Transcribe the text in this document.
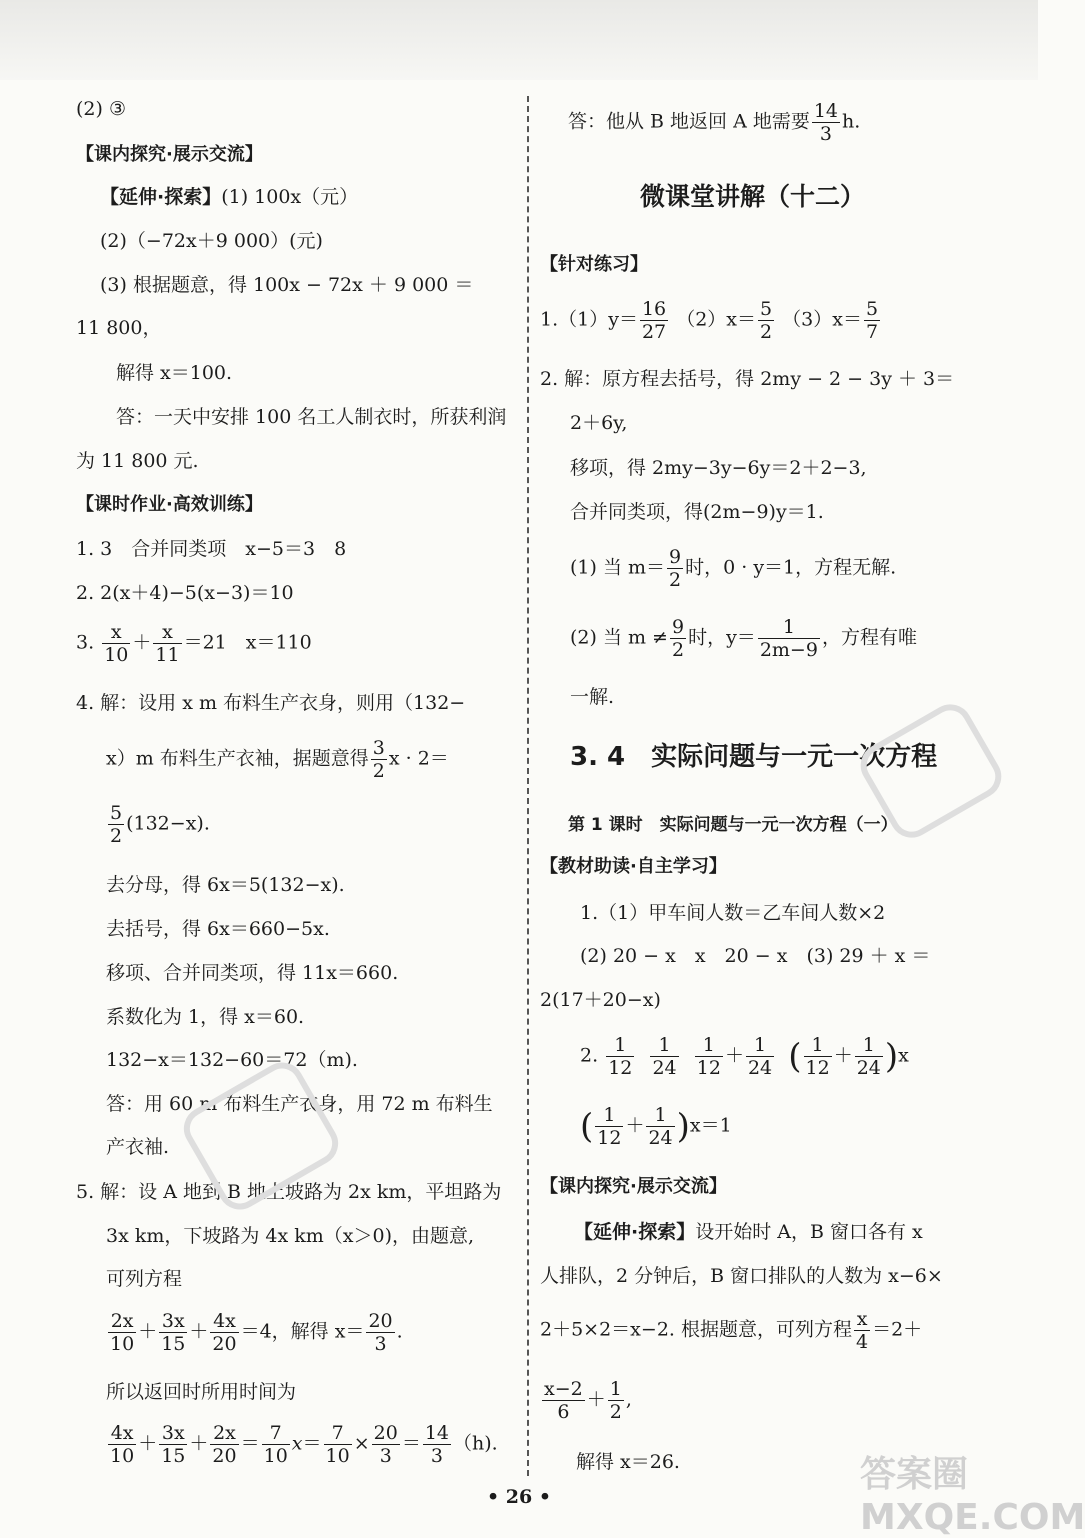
(2) ③
【课内探究·展示交流】
【延伸·探索】(1) 100x（元）
(2)（−72x＋9 000）(元)
(3) 根据题意，得 100x − 72x ＋ 9 000 ＝
11 800，
解得 x＝100.
答：一天中安排 100 名工人制衣时，所获利润
为 11 800 元.
【课时作业·高效训练】
1. 3　合并同类项　x−5＝3　8
2. 2(x＋4)−5(x−3)＝10
3. $\frac{x}{10} + \frac{x}{11} =21$　x＝110
4. 解：设用 x m 布料生产衣身，则用（132−
x）m 布料生产衣袖，据题意得 $\frac{3}{2}$ x · 2＝
$\frac{5}{2} (132-x)$.
去分母，得 6x＝5(132−x).
去括号，得 6x＝660−5x.
移项、合并同类项，得 11x＝660.
系数化为 1，得 x＝60.
132−x＝132−60＝72（m).
答：用 60 m 布料生产衣身，用 72 m 布料生
产衣袖.
5. 解：设 A 地到 B 地上坡路为 2x km，平坦路为
3x km，下坡路为 4x km（x＞0)，由题意,
可列方程
$\frac{2x}{10} + \frac{3x}{15} + \frac{4x}{20} =4$，解得 $x= \frac{20}{3}$ .
所以返回时所用时间为
$\frac{4x}{10} + \frac{3x}{15} + \frac{2x}{20} = \frac{7}{10} x= \frac{7}{10} \times \frac{20}{3} = \frac{14}{3} (h)$.
答：他从 B 地返回 A 地需要 $\frac{14}{3} h$.
微课堂讲解（十二）
【针对练习】
$1.(1)y= \frac{16}{27} (2)x= \frac{5}{2} (3)x= \frac{5}{7}$
2. 解：原方程去括号，得 2my − 2 − 3y ＋ 3＝
2＋6y,
移项，得 2my−3y−6y＝2＋2−3,
合并同类项，得(2m−9)y＝1.
(1) 当 $m= \frac{9}{2}$ 时，0 · y＝1，方程无解.
(2) 当 $m \ne \frac{9}{2}$ 时，$y= \frac{1}{2m-9}$ ，方程有唯
一解.
3. 4　 实际问题与一元一次方程
第 1 课时　实际问题与一元一次方程（一）
【教材助读·自主学习】
1.（1）甲车间人数＝乙车间人数×2
(2) 20 − x　x　20 − x　(3) 29 ＋ x ＝
2(17＋20−x)
2. $\frac{1}{12}$
$\frac{1}{24}$
$\frac{1}{12} + \frac{1}{24}$ ( $\frac{1}{12} + \frac{1}{24} )x$
( $\frac{1}{12} + \frac{1}{24} )x=1$
【课内探究·展示交流】
【延伸·探索】设开始时 A，B 窗口各有 x
人排队，2 分钟后，B 窗口排队的人数为 x−6×
2＋5×2＝x−2. 根据题意，可列方程 $\frac{x}{4} =2+$
$\frac{x-2}{6} + \frac{1}{2}$ ,
解得 x＝26.	答案圈 MXQE.COM
• 26 •
